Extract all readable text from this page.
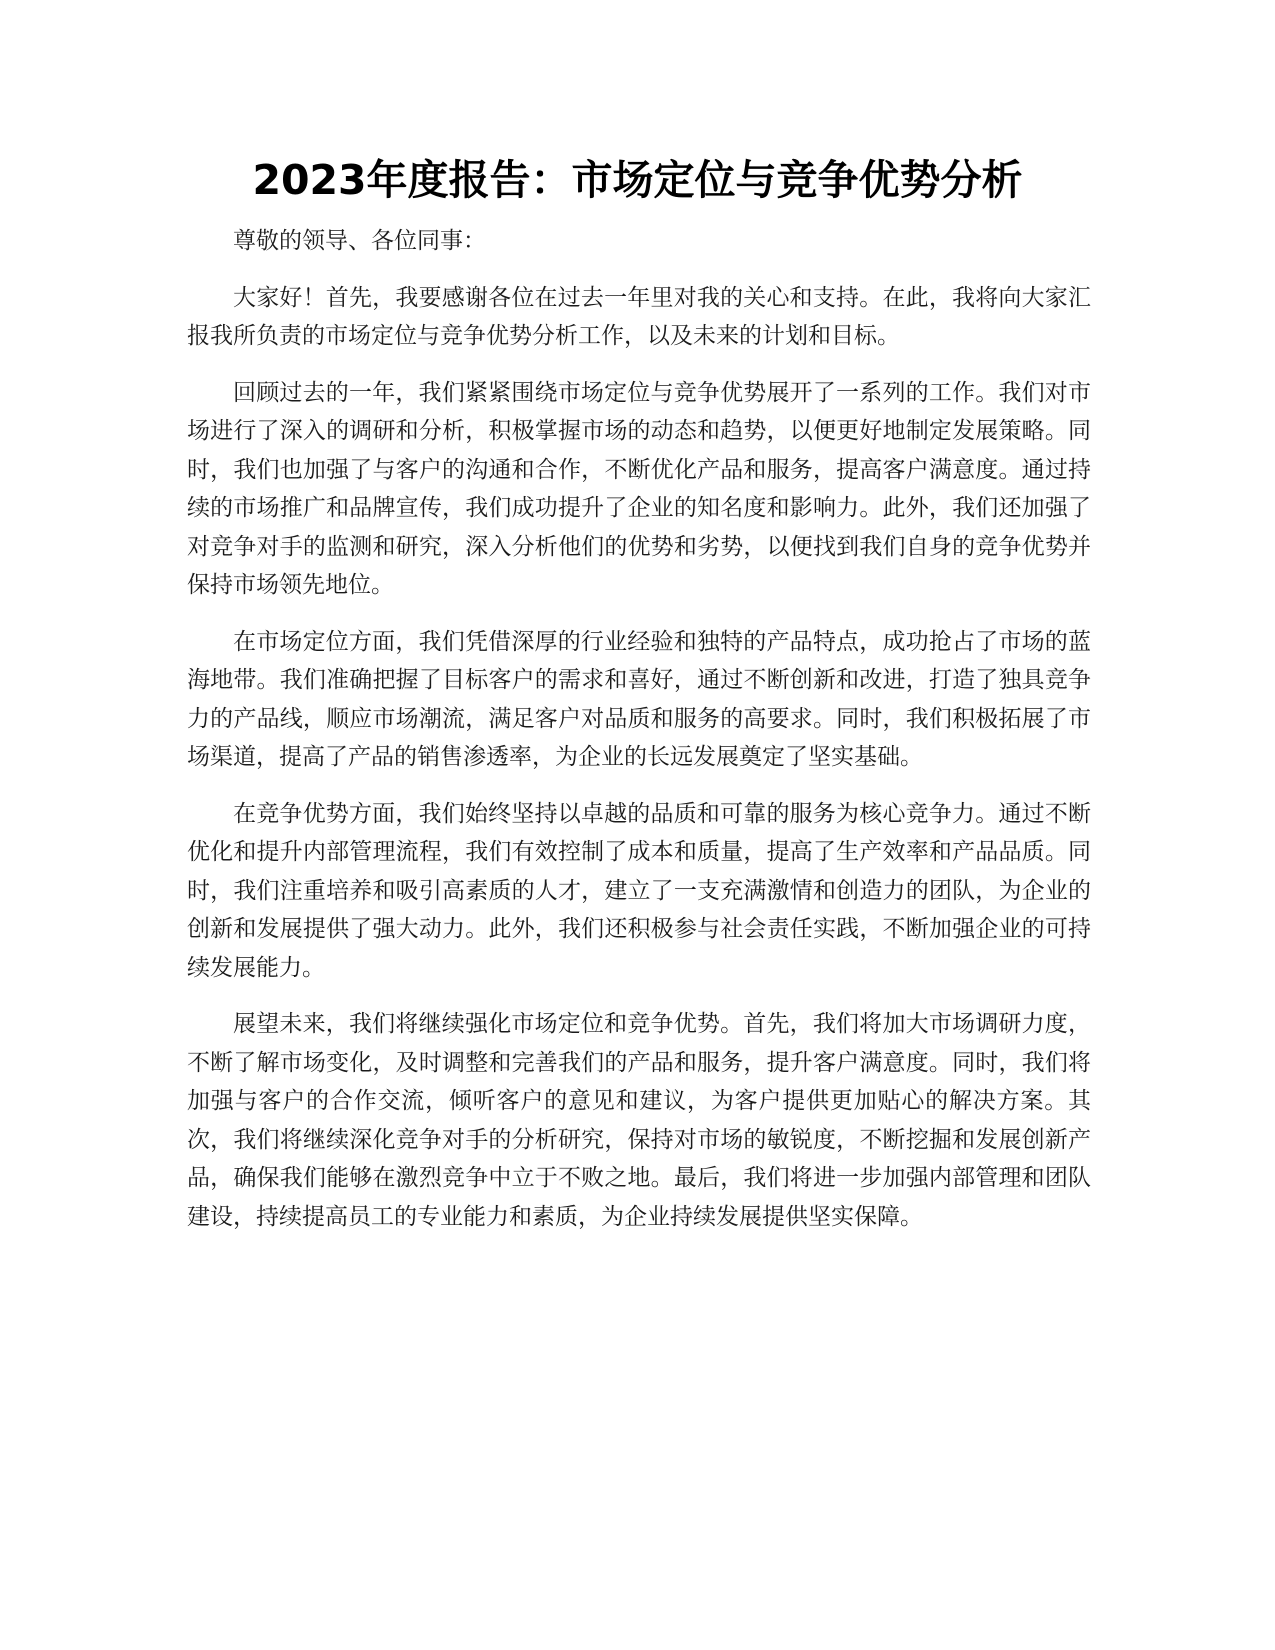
2023年度报告：市场定位与竞争优势分析

尊敬的领导、各位同事：

大家好！首先，我要感谢各位在过去一年里对我的关心和支持。在此，我将向大家汇报我所负责的市场定位与竞争优势分析工作，以及未来的计划和目标。

回顾过去的一年，我们紧紧围绕市场定位与竞争优势展开了一系列的工作。我们对市场进行了深入的调研和分析，积极掌握市场的动态和趋势，以便更好地制定发展策略。同时，我们也加强了与客户的沟通和合作，不断优化产品和服务，提高客户满意度。通过持续的市场推广和品牌宣传，我们成功提升了企业的知名度和影响力。此外，我们还加强了对竞争对手的监测和研究，深入分析他们的优势和劣势，以便找到我们自身的竞争优势并保持市场领先地位。

在市场定位方面，我们凭借深厚的行业经验和独特的产品特点，成功抢占了市场的蓝海地带。我们准确把握了目标客户的需求和喜好，通过不断创新和改进，打造了独具竞争力的产品线，顺应市场潮流，满足客户对品质和服务的高要求。同时，我们积极拓展了市场渠道，提高了产品的销售渗透率，为企业的长远发展奠定了坚实基础。

在竞争优势方面，我们始终坚持以卓越的品质和可靠的服务为核心竞争力。通过不断优化和提升内部管理流程，我们有效控制了成本和质量，提高了生产效率和产品品质。同时，我们注重培养和吸引高素质的人才，建立了一支充满激情和创造力的团队，为企业的创新和发展提供了强大动力。此外，我们还积极参与社会责任实践，不断加强企业的可持续发展能力。

展望未来，我们将继续强化市场定位和竞争优势。首先，我们将加大市场调研力度，不断了解市场变化，及时调整和完善我们的产品和服务，提升客户满意度。同时，我们将加强与客户的合作交流，倾听客户的意见和建议，为客户提供更加贴心的解决方案。其次，我们将继续深化竞争对手的分析研究，保持对市场的敏锐度，不断挖掘和发展创新产品，确保我们能够在激烈竞争中立于不败之地。最后，我们将进一步加强内部管理和团队建设，持续提高员工的专业能力和素质，为企业持续发展提供坚实保障。
